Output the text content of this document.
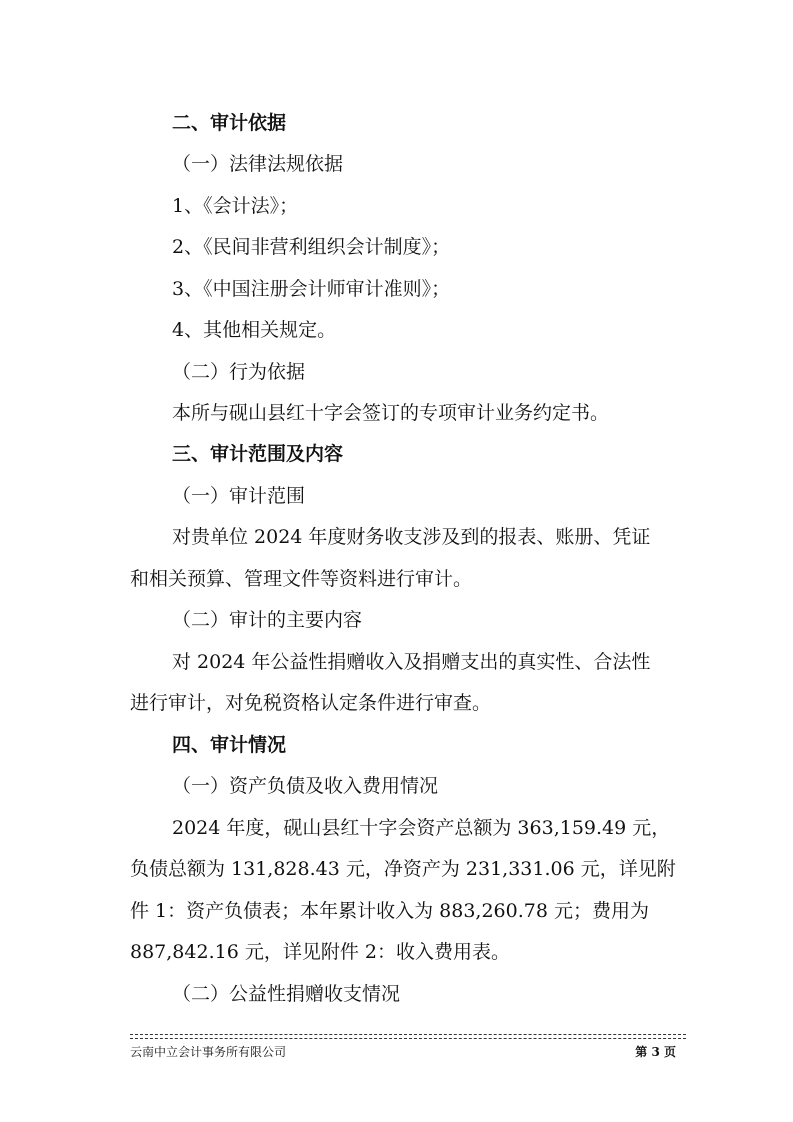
二、审计依据
（一）法律法规依据
1、《会计法》；
2、《民间非营利组织会计制度》；
3、《中国注册会计师审计准则》；
4、其他相关规定。
（二）行为依据
本所与砚山县红十字会签订的专项审计业务约定书。
三、审计范围及内容
（一）审计范围
对贵单位 2024 年度财务收支涉及到的报表、账册、凭证
和相关预算、管理文件等资料进行审计。
（二）审计的主要内容
对 2024 年公益性捐赠收入及捐赠支出的真实性、合法性
进行审计，对免税资格认定条件进行审查。
四、审计情况
（一）资产负债及收入费用情况
2024 年度，砚山县红十字会资产总额为 363,159.49 元，
负债总额为 131,828.43 元，净资产为 231,331.06 元，详见附
件 1：资产负债表；本年累计收入为 883,260.78 元；费用为
887,842.16 元，详见附件 2：收入费用表。
（二）公益性捐赠收支情况
云南中立会计事务所有限公司	第 3 页
